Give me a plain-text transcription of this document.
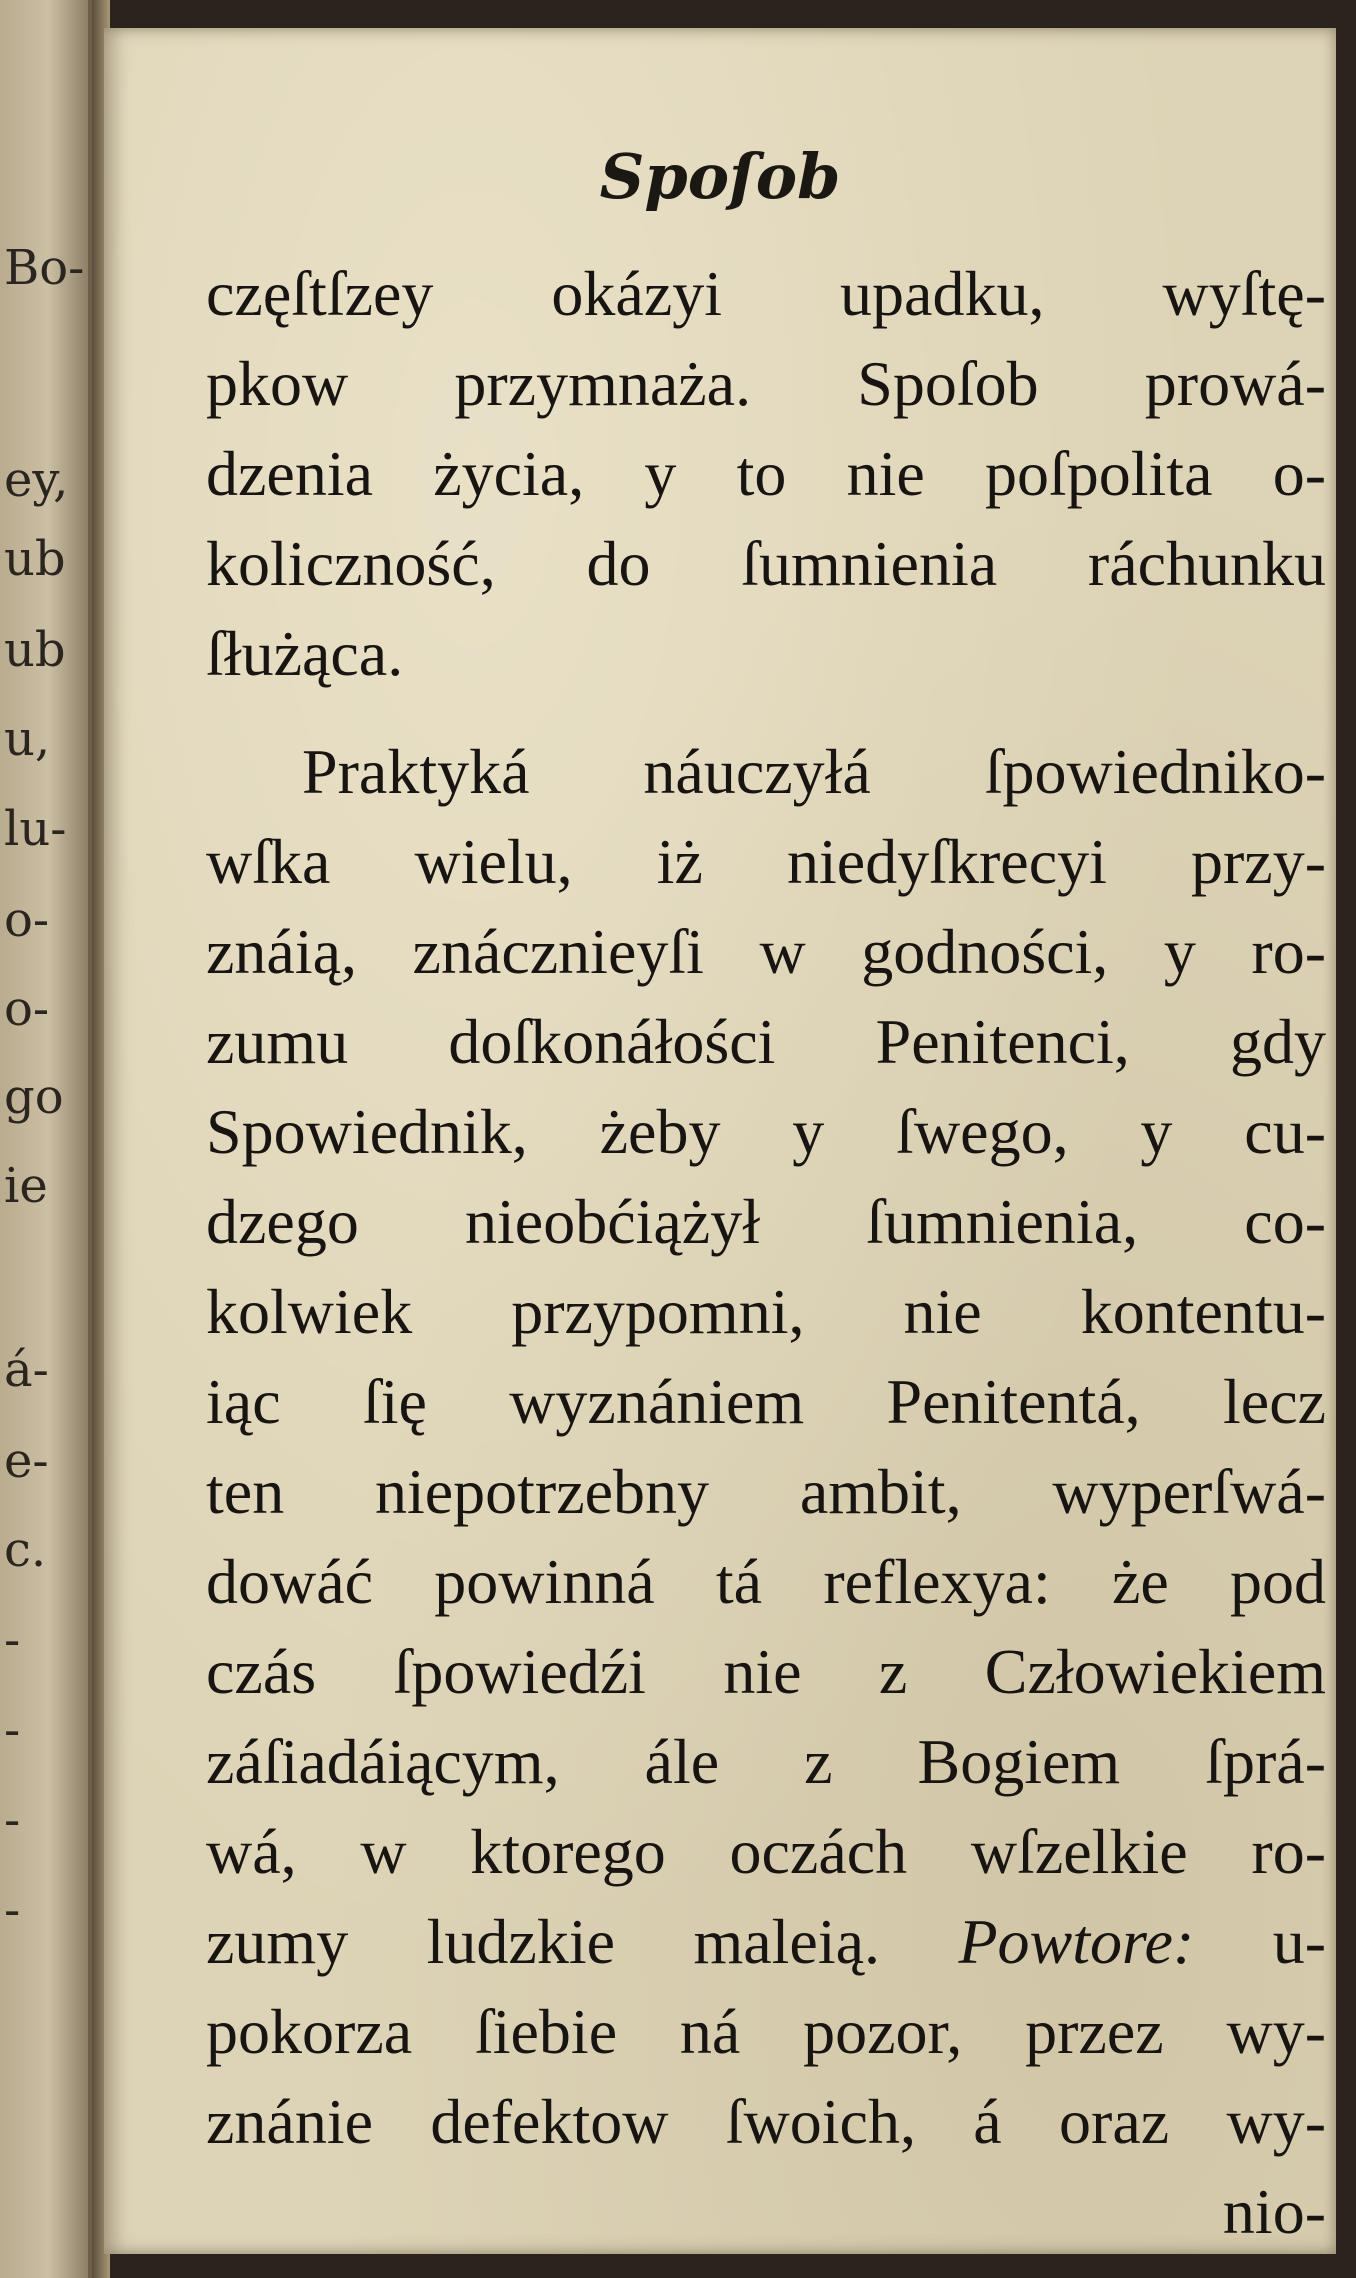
Bo-
ey,
ub
ub
u,
lu-
o-
o-
go
ie
á-
e-
c.
-
-
-
-
Spoſob
częſtſzey okázyi upadku, wyſtę-
pkow przymnaża. Spoſob prowá-
dzenia życia, y to nie poſpolita o-
koliczność, do ſumnienia ráchunku
ſłużąca.
Praktyká náuczyłá ſpowiedniko-
wſka wielu, iż niedyſkrecyi przy-
znáią, znácznieyſi w godności, y ro-
zumu doſkonáłości Penitenci, gdy
Spowiednik, żeby y ſwego, y cu-
dzego nieobćiążył ſumnienia, co-
kolwiek przypomni, nie kontentu-
iąc ſię wyznániem Penitentá, lecz
ten niepotrzebny ambit, wyperſwá-
dowáć powinná tá reflexya: że pod
czás ſpowiedźi nie z Człowiekiem
záſiadáiącym, ále z Bogiem ſprá-
wá, w ktorego oczách wſzelkie ro-
zumy ludzkie maleią. Powtore: u-
pokorza ſiebie ná pozor, przez wy-
znánie defektow ſwoich, á oraz wy-
nio-
